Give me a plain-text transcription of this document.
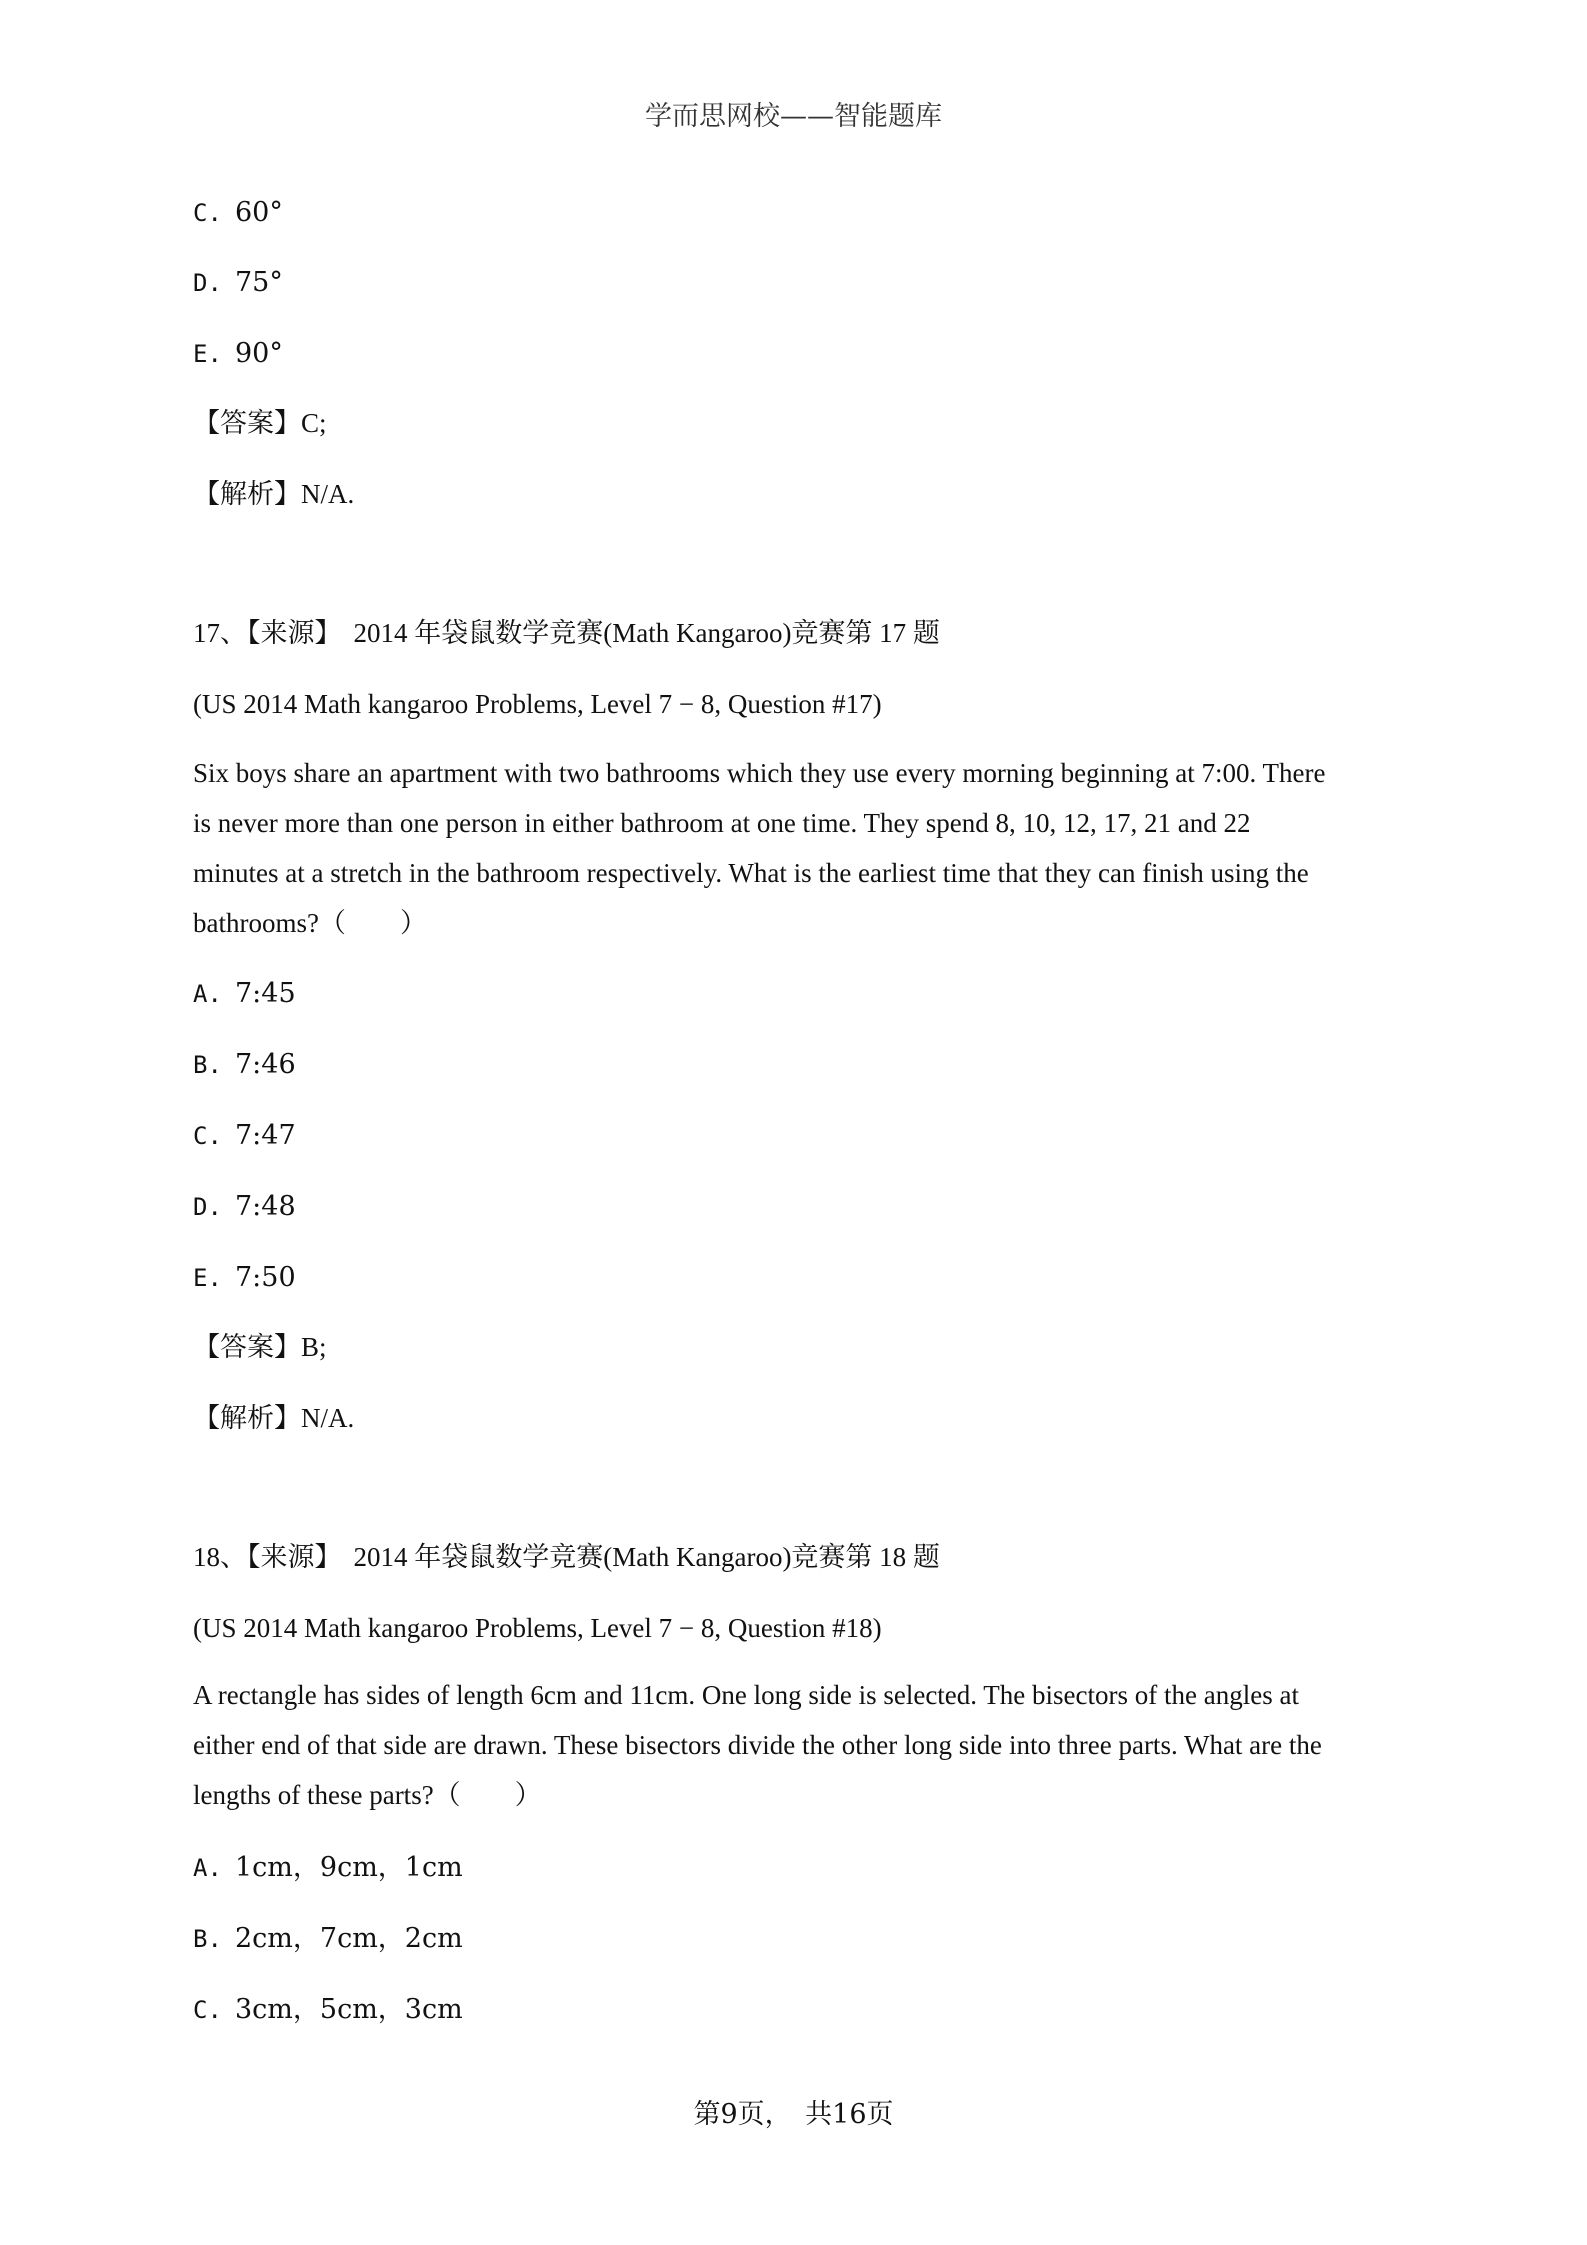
学而思网校——智能题库
C. 60°
D. 75°
E. 90°
【答案】C;
【解析】N/A.
17、【来源】 2014 年袋鼠数学竞赛(Math Kangaroo)竞赛第 17 题
(US 2014 Math kangaroo Problems, Level 7 − 8, Question #17)
Six boys share an apartment with two bathrooms which they use every morning beginning at 7:00. There
is never more than one person in either bathroom at one time. They spend 8, 10, 12, 17, 21 and 22
minutes at a stretch in the bathroom respectively. What is the earliest time that they can finish using the
bathrooms?（　　）
A. 7:45
B. 7:46
C. 7:47
D. 7:48
E. 7:50
【答案】B;
【解析】N/A.
18、【来源】 2014 年袋鼠数学竞赛(Math Kangaroo)竞赛第 18 题
(US 2014 Math kangaroo Problems, Level 7 − 8, Question #18)
A rectangle has sides of length 6cm and 11cm. One long side is selected. The bisectors of the angles at
either end of that side are drawn. These bisectors divide the other long side into three parts. What are the
lengths of these parts?（　　）
A. 1cm，9cm，1cm
B. 2cm，7cm，2cm
C. 3cm，5cm，3cm
第9页，　共16页
